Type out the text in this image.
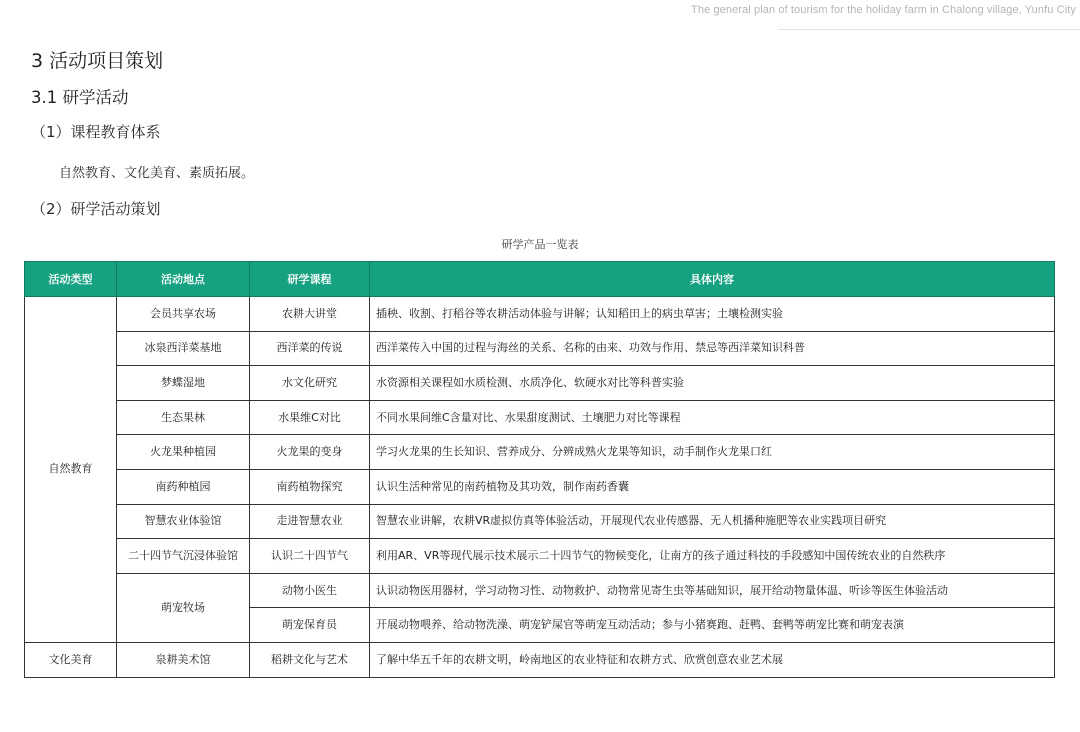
The general plan of tourism for the holiday farm in Chalong village, Yunfu City
3 活动项目策划
3.1 研学活动
（1）课程教育体系
自然教育、文化美育、素质拓展。
（2）研学活动策划
研学产品一览表
活动类型	活动地点	研学课程	具体内容
自然教育	会员共享农场	农耕大讲堂	插秧、收割、打稻谷等农耕活动体验与讲解；认知稻田上的病虫草害；土壤检测实验
	冰泉西洋菜基地	西洋菜的传说	西洋菜传入中国的过程与海丝的关系、名称的由来、功效与作用、禁忌等西洋菜知识科普
	梦蝶湿地	水文化研究	水资源相关课程如水质检测、水质净化、软硬水对比等科普实验
	生态果林	水果维C对比	不同水果间维C含量对比、水果甜度测试、土壤肥力对比等课程
	火龙果种植园	火龙果的变身	学习火龙果的生长知识、营养成分、分辨成熟火龙果等知识，动手制作火龙果口红
	南药种植园	南药植物探究	认识生活种常见的南药植物及其功效，制作南药香囊
	智慧农业体验馆	走进智慧农业	智慧农业讲解，农耕VR虚拟仿真等体验活动，开展现代农业传感器、无人机播种施肥等农业实践项目研究
	二十四节气沉浸体验馆	认识二十四节气	利用AR、VR等现代展示技术展示二十四节气的物候变化，让南方的孩子通过科技的手段感知中国传统农业的自然秩序
	萌宠牧场	动物小医生	认识动物医用器材，学习动物习性、动物救护、动物常见寄生虫等基础知识，展开给动物量体温、听诊等医生体验活动
		萌宠保育员	开展动物喂养、给动物洗澡、萌宠铲屎官等萌宠互动活动；参与小猪赛跑、赶鸭、套鸭等萌宠比赛和萌宠表演
文化美育	泉耕美术馆	稻耕文化与艺术	了解中华五千年的农耕文明，岭南地区的农业特征和农耕方式、欣赏创意农业艺术展
